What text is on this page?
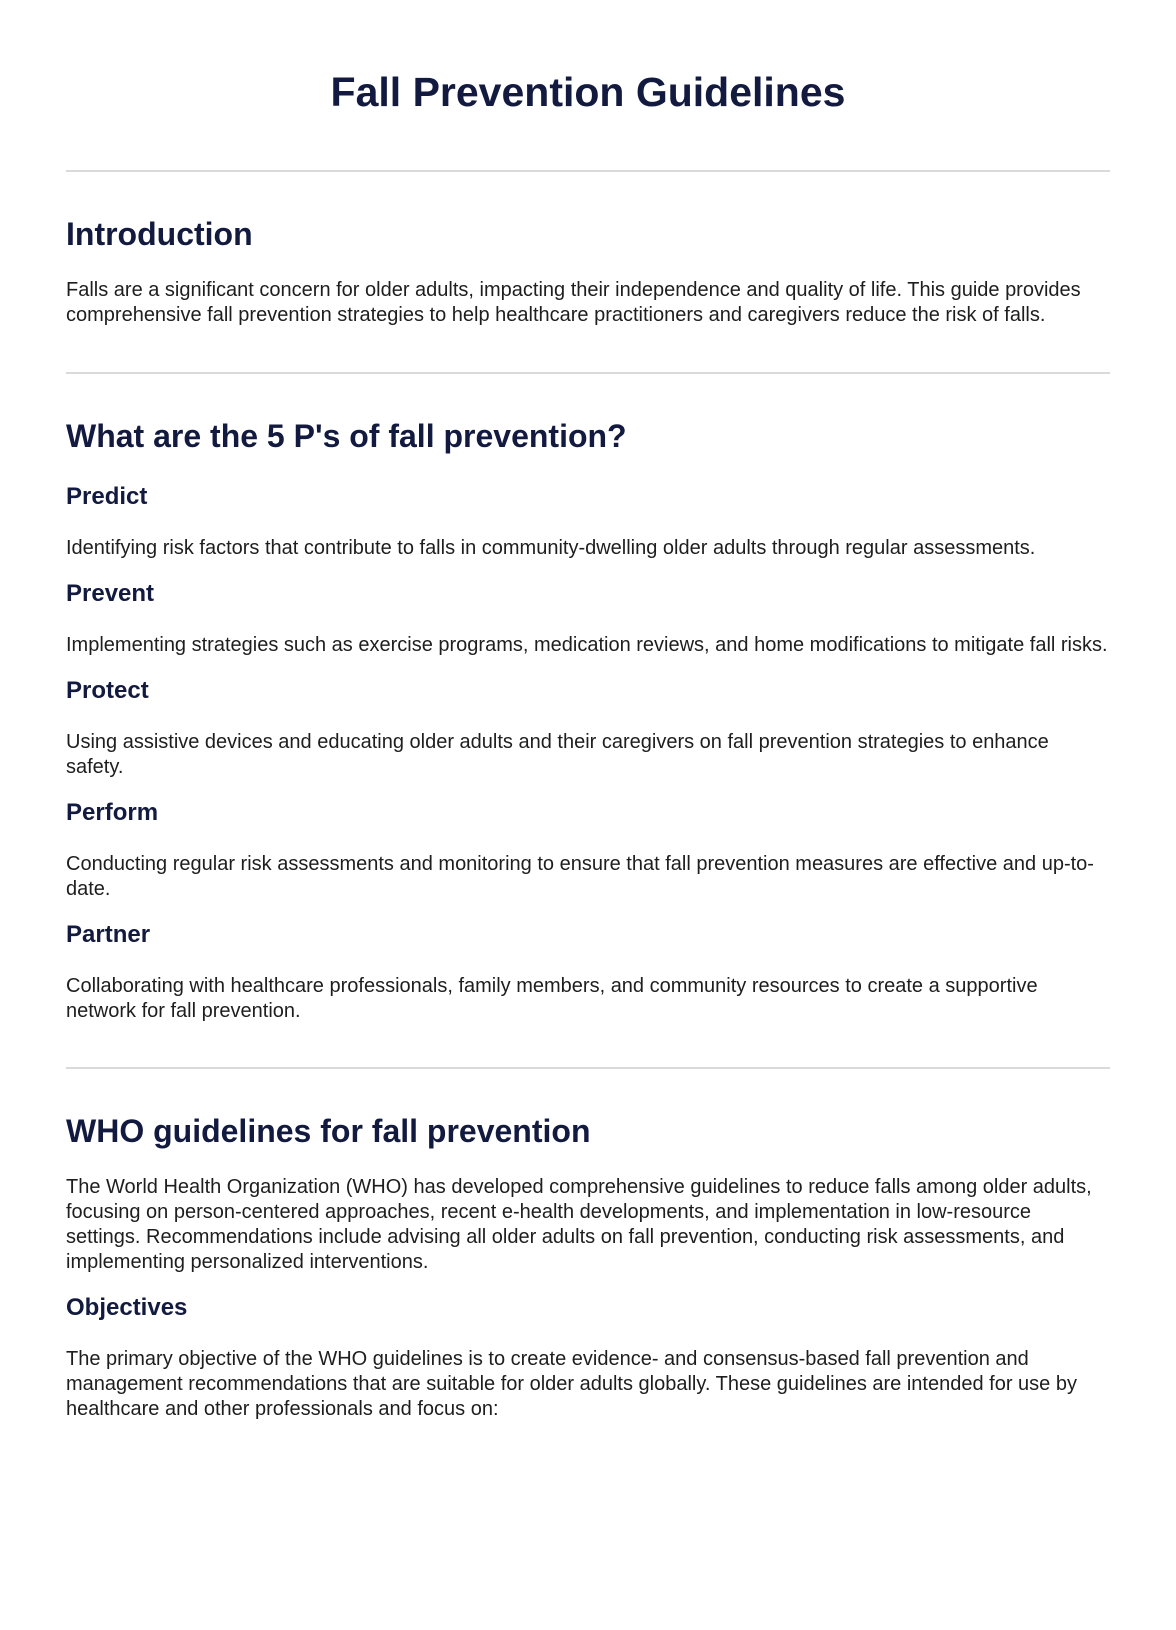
Fall Prevention Guidelines
Introduction

Falls are a significant concern for older adults, impacting their independence and quality of life. This guide provides comprehensive fall prevention strategies to help healthcare practitioners and caregivers reduce the risk of falls.

What are the 5 P's of fall prevention?
Predict

Identifying risk factors that contribute to falls in community-dwelling older adults through regular assessments.

Prevent

Implementing strategies such as exercise programs, medication reviews, and home modifications to mitigate fall risks.

Protect

Using assistive devices and educating older adults and their caregivers on fall prevention strategies to enhance safety.

Perform

Conducting regular risk assessments and monitoring to ensure that fall prevention measures are effective and up-to-date.

Partner

Collaborating with healthcare professionals, family members, and community resources to create a supportive network for fall prevention.

WHO guidelines for fall prevention

The World Health Organization (WHO) has developed comprehensive guidelines to reduce falls among older adults, focusing on person-centered approaches, recent e-health developments, and implementation in low-resource settings. Recommendations include advising all older adults on fall prevention, conducting risk assessments, and implementing personalized interventions.

Objectives

The primary objective of the WHO guidelines is to create evidence- and consensus-based fall prevention and management recommendations that are suitable for older adults globally. These guidelines are intended for use by healthcare and other professionals and focus on:
